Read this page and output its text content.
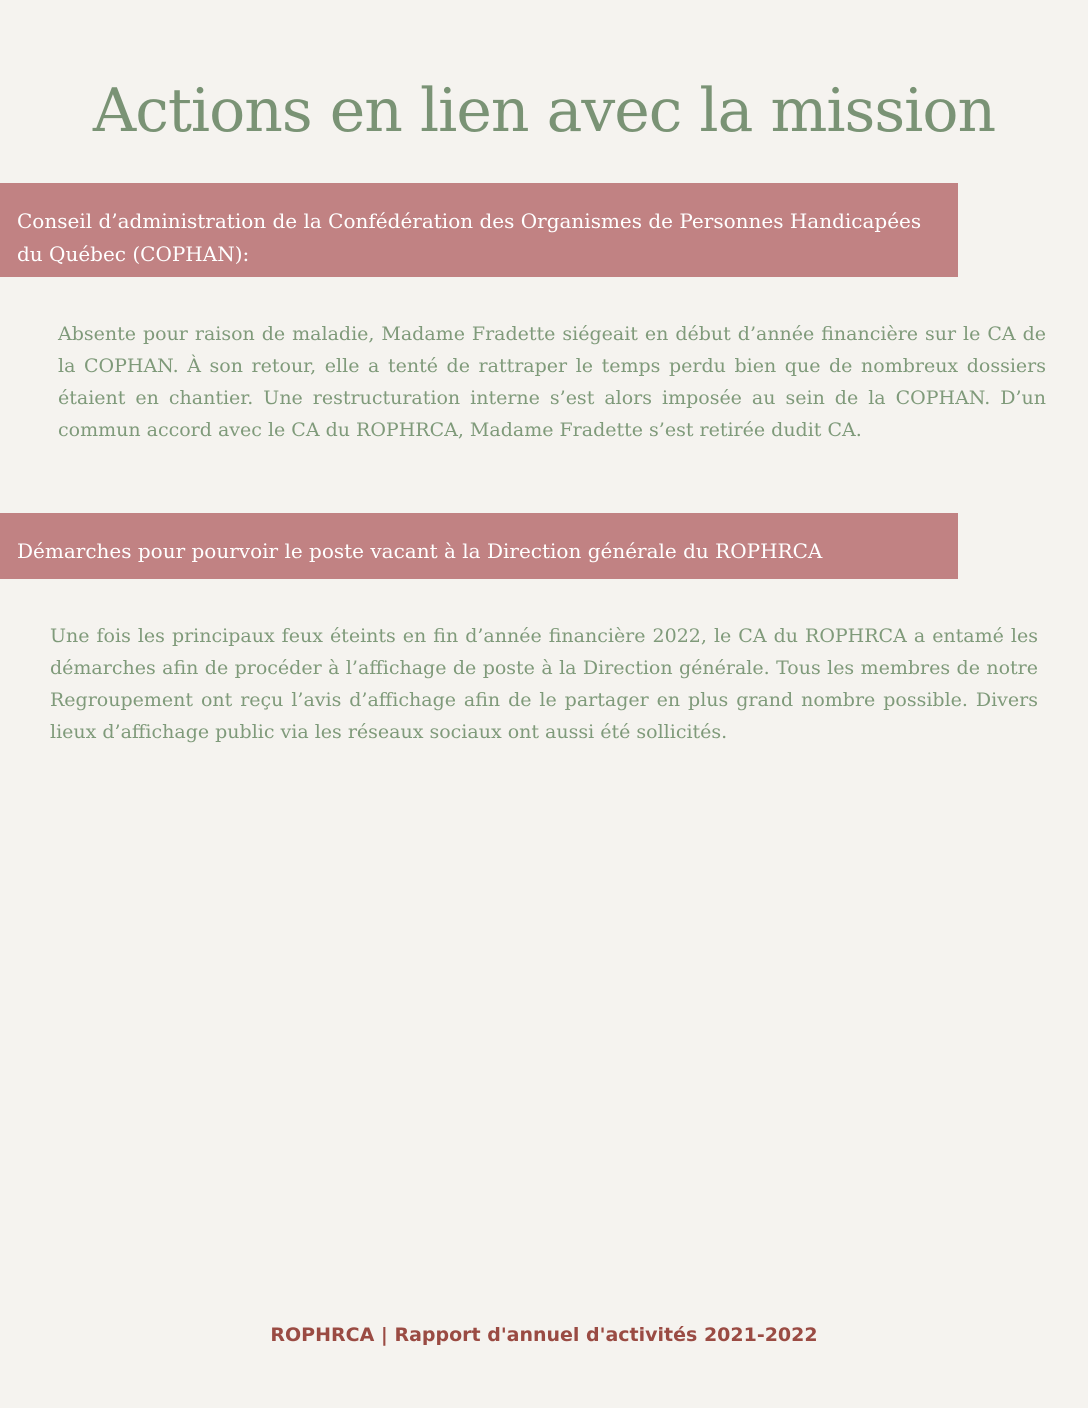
Actions en lien avec la mission
Conseil d’administration de la Confédération des Organismes de Personnes Handicapées du Québec (COPHAN):

Absente pour raison de maladie, Madame Fradette siégeait en début d’année financière sur le CA de la COPHAN. À son retour, elle a tenté de rattraper le temps perdu bien que de nombreux dossiers étaient en chantier. Une restructuration interne s’est alors imposée au sein de la COPHAN. D’un commun accord avec le CA du ROPHRCA, Madame Fradette s’est retirée dudit CA.

Démarches pour pourvoir le poste vacant à la Direction générale du ROPHRCA

Une fois les principaux feux éteints en fin d’année financière 2022, le CA du ROPHRCA a entamé les démarches afin de procéder à l’affichage de poste à la Direction générale. Tous les membres de notre Regroupement ont reçu l’avis d’affichage afin de le partager en plus grand nombre possible. Divers lieux d’affichage public via les réseaux sociaux ont aussi été sollicités.

ROPHRCA | Rapport d'annuel d'activités 2021-2022
